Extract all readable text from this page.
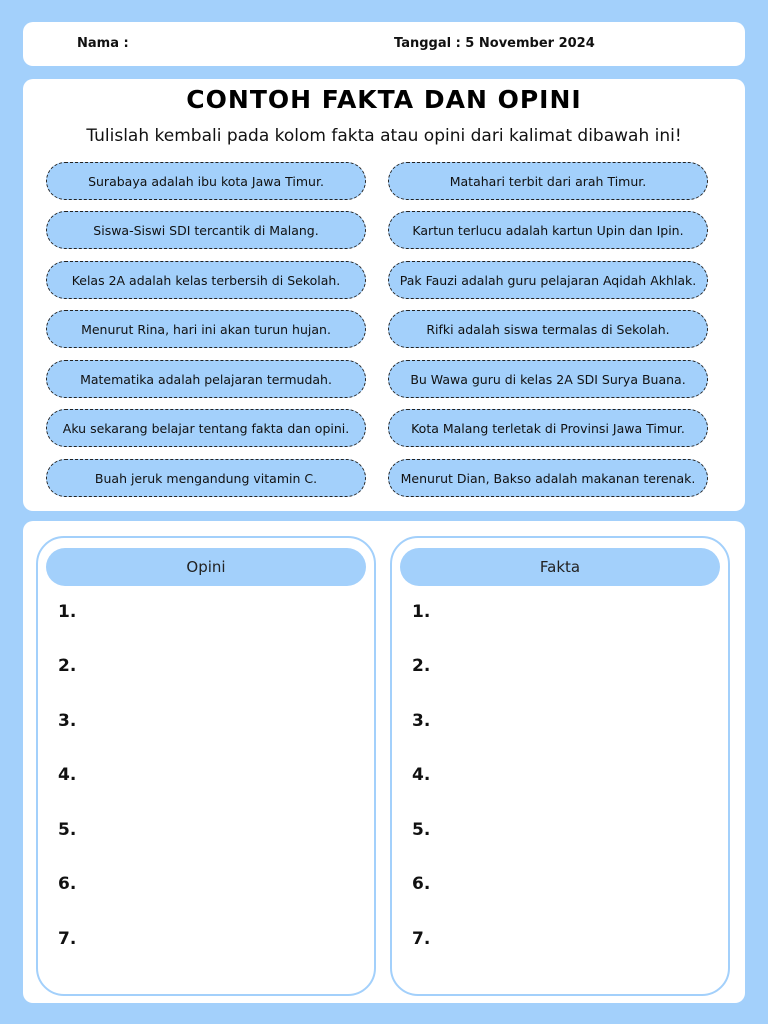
Nama :	Tanggal : 5 November 2024
CONTOH FAKTA DAN OPINI
Tulislah kembali pada kolom fakta atau opini dari kalimat dibawah ini!
Surabaya adalah ibu kota Jawa Timur.
Siswa-Siswi SDI tercantik di Malang.
Kelas 2A adalah kelas terbersih di Sekolah.
Menurut Rina, hari ini akan turun hujan.
Matematika adalah pelajaran termudah.
Aku sekarang belajar tentang fakta dan opini.
Buah jeruk mengandung vitamin C.
Matahari terbit dari arah Timur.
Kartun terlucu adalah kartun Upin dan Ipin.
Pak Fauzi adalah guru pelajaran Aqidah Akhlak.
Rifki adalah siswa termalas di Sekolah.
Bu Wawa guru di kelas 2A SDI Surya Buana.
Kota Malang terletak di Provinsi Jawa Timur.
Menurut Dian, Bakso adalah makanan terenak.
Opini
1.
2.
3.
4.
5.
6.
7.
Fakta
1.
2.
3.
4.
5.
6.
7.
